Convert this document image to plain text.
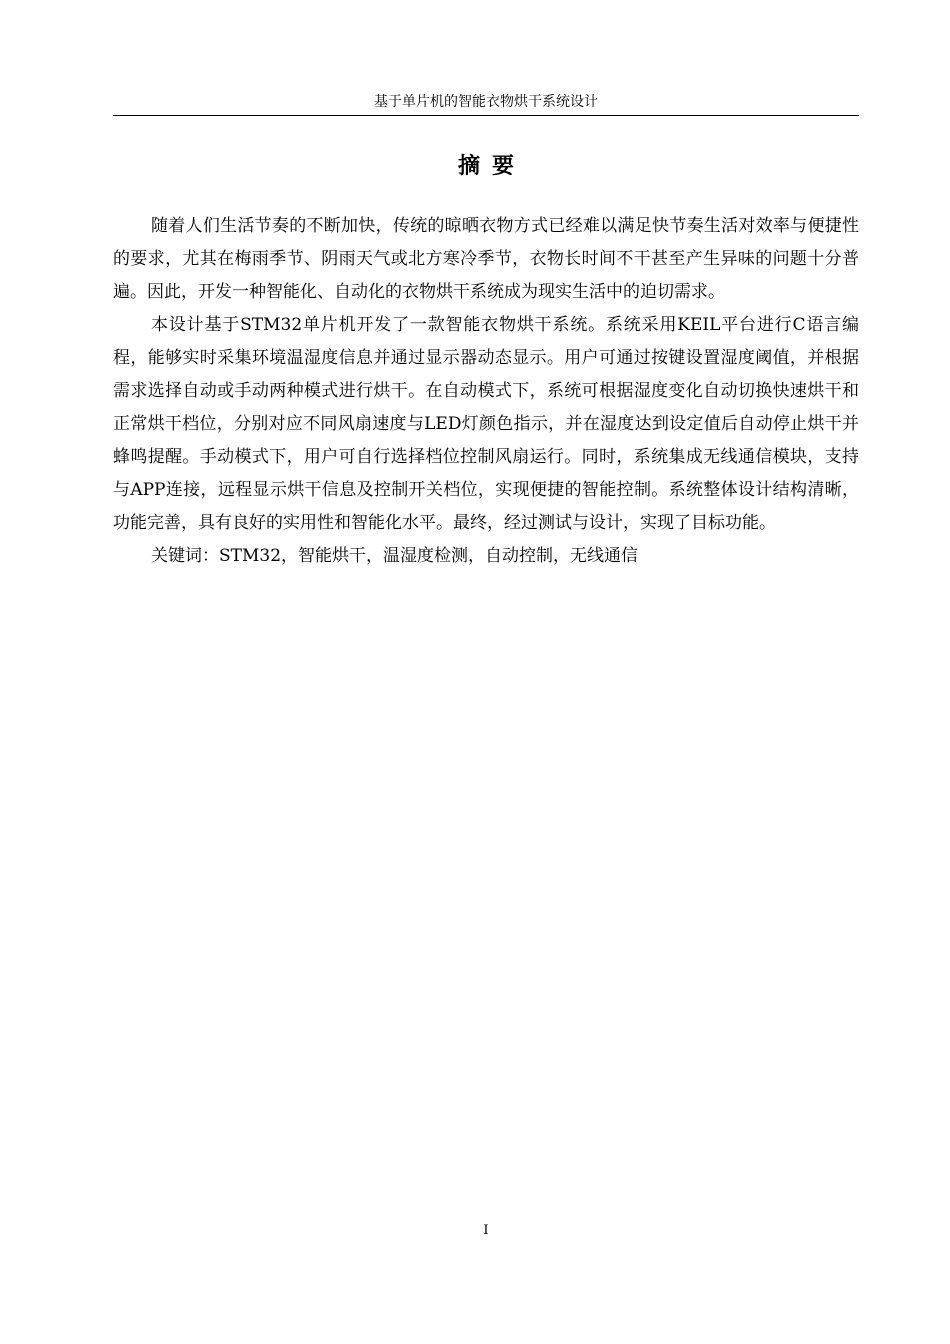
基于单片机的智能衣物烘干系统设计
摘要

随着人们生活节奏的不断加快，传统的晾晒衣物方式已经难以满足快节奏生活对效率与便捷性的要求，尤其在梅雨季节、阴雨天气或北方寒冷季节，衣物长时间不干甚至产生异味的问题十分普遍。因此，开发一种智能化、自动化的衣物烘干系统成为现实生活中的迫切需求。

本设计基于STM32单片机开发了一款智能衣物烘干系统。系统采用KEIL平台进行C语言编程，能够实时采集环境温湿度信息并通过显示器动态显示。用户可通过按键设置湿度阈值，并根据需求选择自动或手动两种模式进行烘干。在自动模式下，系统可根据湿度变化自动切换快速烘干和正常烘干档位，分别对应不同风扇速度与LED灯颜色指示，并在湿度达到设定值后自动停止烘干并蜂鸣提醒。手动模式下，用户可自行选择档位控制风扇运行。同时，系统集成无线通信模块，支持与APP连接，远程显示烘干信息及控制开关档位，实现便捷的智能控制。系统整体设计结构清晰，功能完善，具有良好的实用性和智能化水平。最终，经过测试与设计，实现了目标功能。

关键词：STM32，智能烘干，温湿度检测，自动控制，无线通信

I
